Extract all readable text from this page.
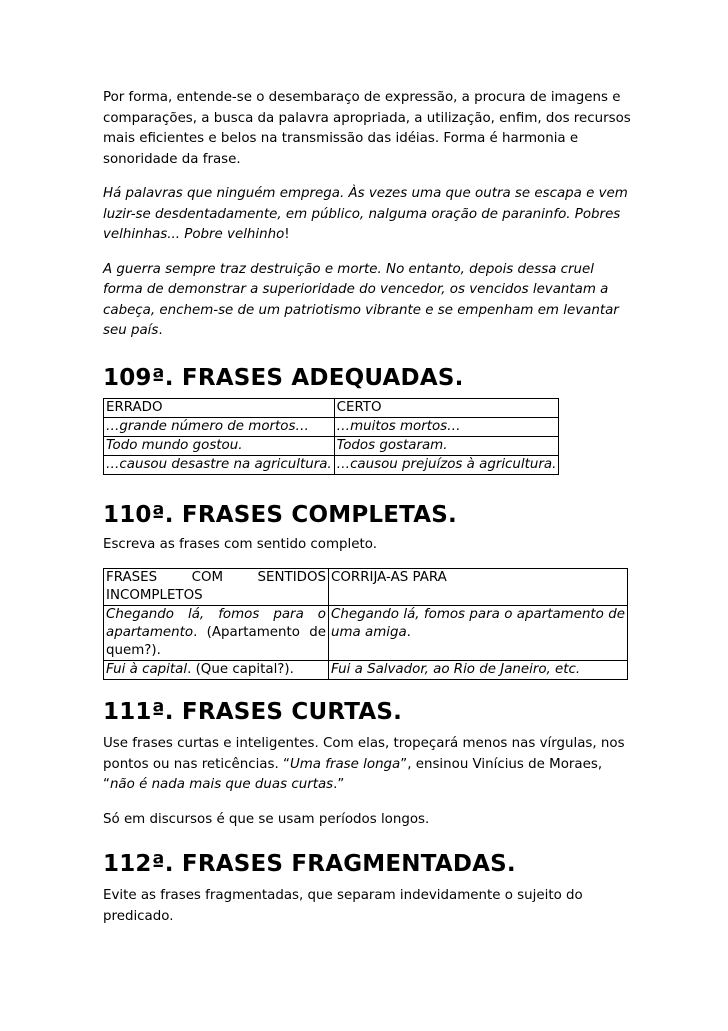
Por forma, entende-se o desembaraço de expressão, a procura de imagens e comparações, a busca da palavra apropriada, a utilização, enfim, dos recursos mais eficientes e belos na transmissão das idéias. Forma é harmonia e sonoridade da frase.

Há palavras que ninguém emprega. Às vezes uma que outra se escapa e vem luzir-se desdentadamente, em público, nalguma oração de paraninfo. Pobres velhinhas... Pobre velhinho!

A guerra sempre traz destruição e morte. No entanto, depois dessa cruel forma de demonstrar a superioridade do vencedor, os vencidos levantam a cabeça, enchem-se de um patriotismo vibrante e se empenham em levantar seu país.

109ª. FRASES ADEQUADAS.
ERRADO	CERTO
…grande número de mortos…	…muitos mortos…
Todo mundo gostou.	Todos gostaram.
…causou desastre na agricultura.	…causou prejuízos à agricultura.
110ª. FRASES COMPLETAS.

Escreva as frases com sentido completo.

FRASES COM SENTIDOS INCOMPLETOS	CORRIJA-AS PARA
Chegando lá, fomos para o apartamento. (Apartamento de quem?).	Chegando lá, fomos para o apartamento de uma amiga.
Fui à capital. (Que capital?).	Fui a Salvador, ao Rio de Janeiro, etc.
111ª. FRASES CURTAS.

Use frases curtas e inteligentes. Com elas, tropeçará menos nas vírgulas, nos pontos ou nas reticências. “Uma frase longa”, ensinou Vinícius de Moraes, “não é nada mais que duas curtas.”

Só em discursos é que se usam períodos longos.

112ª. FRASES FRAGMENTADAS.

Evite as frases fragmentadas, que separam indevidamente o sujeito do predicado.
